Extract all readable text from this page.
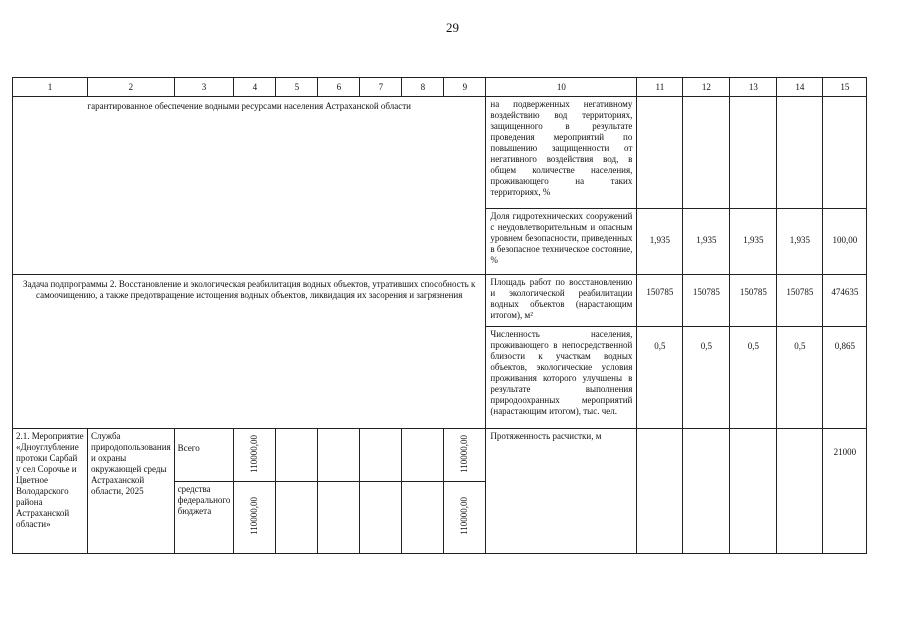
29
1	2	3	4	5	6	7	8	9	10	11	12	13	14	15

гарантированное обеспечение водными ресурсами населения Астраханской области									на подверженных негативному воздействию вод территориях, защищенного в результате проведения мероприятий по повышению защищенности от негативного воздействия вод, в общем количестве населения, проживающего на таких территориях, %					

									Доля гидротехнических сооружений с неудовлетворительным и опасным уровнем безопасности, приведенных в безопасное техническое состояние, %	1,935	1,935	1,935	1,935	100,00

Задача подпрограммы 2. Восстановление и экологическая реабилитация водных объектов, утративших способность к самоочищению, а также предотвращение истощения водных объектов, ликвидация их засорения и загрязнения									Площадь работ по восстановлению и экологической реабилитации водных объектов (нарастающим итогом), м²	150785	150785	150785	150785	474635

									Численность населения, проживающего в непосредственной близости к участкам водных объектов, экологические условия проживания которого улучшены в результате выполнения природоохранных мероприятий (нарастающим итогом), тыс. чел.	0,5	0,5	0,5	0,5	0,865

2.1. Мероприятие «Дноуглубление протоки Сарбай у сел Сорочье и Цветное Володарского района Астраханской области»	Служба природопользования и охраны окружающей среды Астраханской области, 2025	Всего	110000,00					110000,00	Протяженность расчистки, м					21000

		средства федерального бюджета	110000,00					110000,00						
